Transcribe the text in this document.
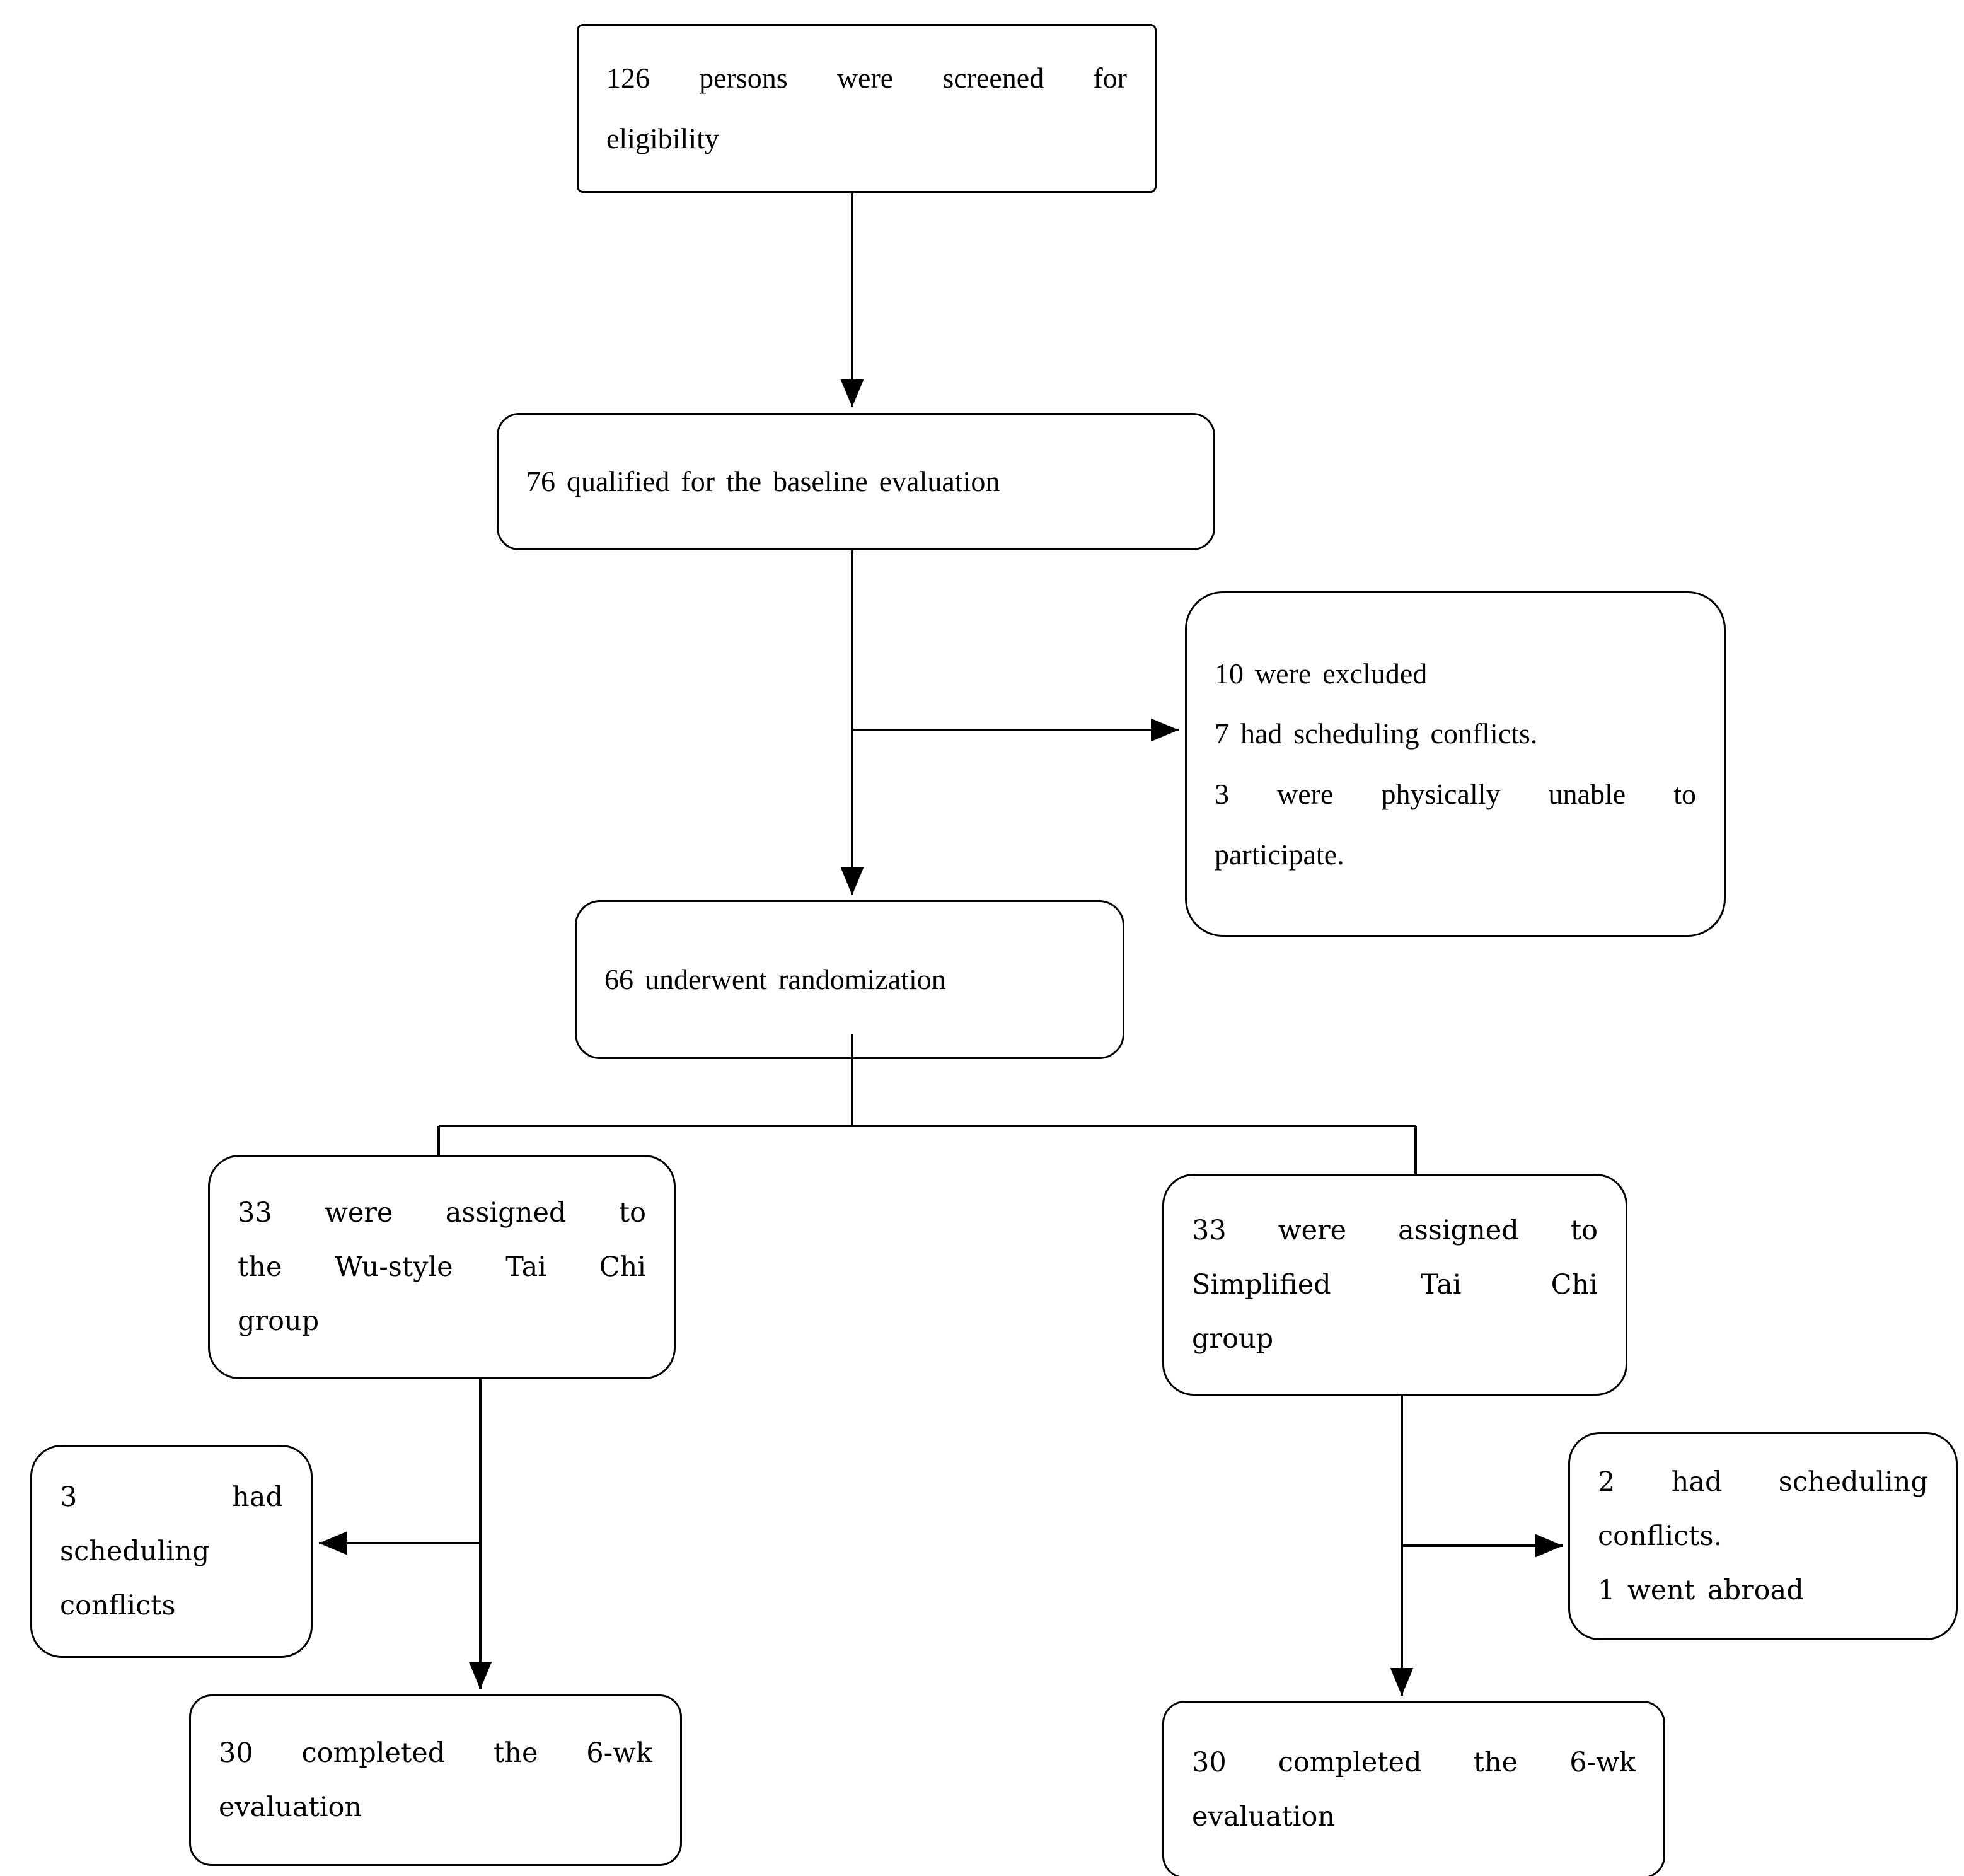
126 persons were screened for
eligibility
76 qualified for the baseline evaluation
10 were excluded
7 had scheduling conflicts.
3 were physically unable to
participate.
66 underwent randomization
33 were assigned to
the Wu-style Tai Chi
group
33 were assigned to
Simplified Tai Chi
group
3 had
scheduling
conflicts
30 completed the 6-wk
evaluation
2 had scheduling
conflicts.
1 went abroad
30 completed the 6-wk
evaluation
